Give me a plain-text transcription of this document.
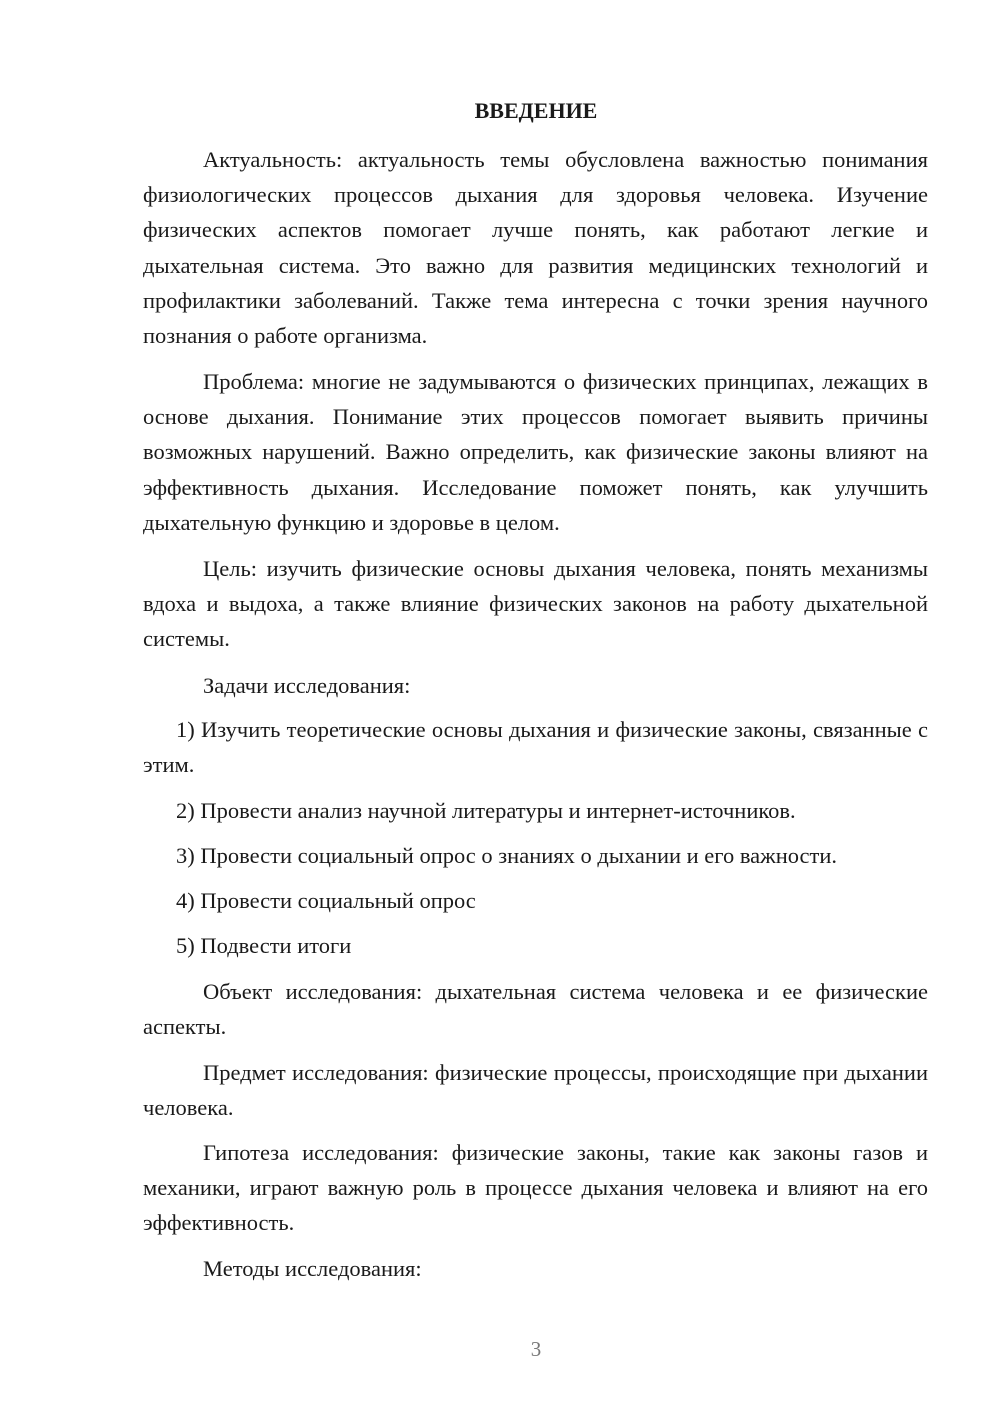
ВВЕДЕНИЕ

Актуальность: актуальность темы обусловлена важностью понимания физиологических процессов дыхания для здоровья человека. Изучение физических аспектов помогает лучше понять, как работают легкие и дыхательная система. Это важно для развития медицинских технологий и профилактики заболеваний. Также тема интересна с точки зрения научного познания о работе организма.

Проблема: многие не задумываются о физических принципах, лежащих в основе дыхания. Понимание этих процессов помогает выявить причины возможных нарушений. Важно определить, как физические законы влияют на эффективность дыхания. Исследование поможет понять, как улучшить дыхательную функцию и здоровье в целом.

Цель: изучить физические основы дыхания человека, понять механизмы вдоха и выдоха, а также влияние физических законов на работу дыхательной системы.

Задачи исследования:

1) Изучить теоретические основы дыхания и физические законы, связанные с этим.

2) Провести анализ научной литературы и интернет-источников.

3) Провести социальный опрос о знаниях о дыхании и его важности.

4) Провести социальный опрос

5) Подвести итоги

Объект исследования: дыхательная система человека и ее физические аспекты.

Предмет исследования: физические процессы, происходящие при дыхании человека.

Гипотеза исследования: физические законы, такие как законы газов и механики, играют важную роль в процессе дыхания человека и влияют на его эффективность.

Методы исследования:

3
